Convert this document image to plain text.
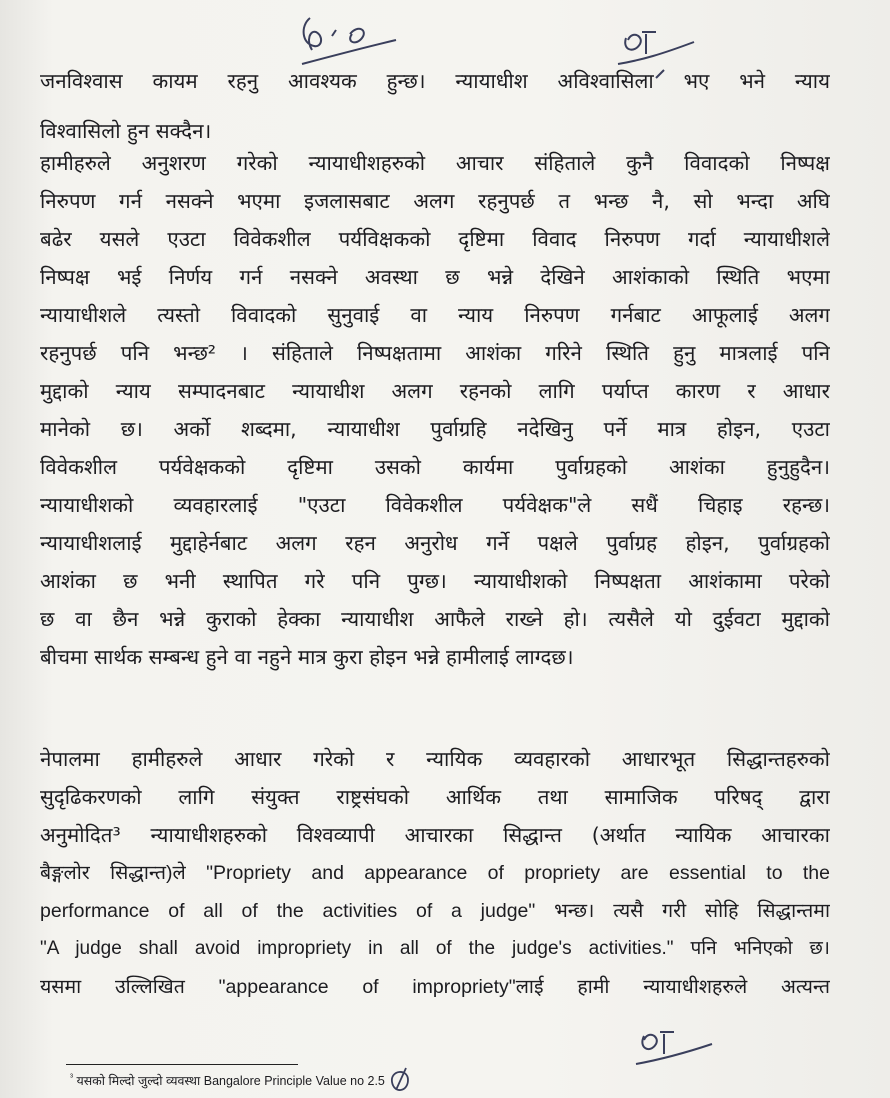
जनविश्वास कायम रहनु आवश्यक हुन्छ। न्यायाधीश अविश्वासिला भए भने न्याय
विश्वासिलो हुन सक्दैन।
हामीहरुले अनुशरण गरेको न्यायाधीशहरुको आचार संहिताले कुनै विवादको निष्पक्ष
निरुपण गर्न नसक्ने भएमा इजलासबाट अलग रहनुपर्छ त भन्छ नै, सो भन्दा अघि
बढेर यसले एउटा विवेकशील पर्यविक्षकको दृष्टिमा विवाद निरुपण गर्दा न्यायाधीशले
निष्पक्ष भई निर्णय गर्न नसक्ने अवस्था छ भन्ने देखिने आशंकाको स्थिति भएमा
न्यायाधीशले त्यस्तो विवादको सुनुवाई वा न्याय निरुपण गर्नबाट आफूलाई अलग
रहनुपर्छ पनि भन्छ² । संहिताले निष्पक्षतामा आशंका गरिने स्थिति हुनु मात्रलाई पनि
मुद्दाको न्याय सम्पादनबाट न्यायाधीश अलग रहनको लागि पर्याप्त कारण र आधार
मानेको छ। अर्को शब्दमा, न्यायाधीश पुर्वाग्रहि नदेखिनु पर्ने मात्र होइन, एउटा
विवेकशील पर्यवेक्षकको दृष्टिमा उसको कार्यमा पुर्वाग्रहको आशंका हुनुहुदैन।
न्यायाधीशको व्यवहारलाई "एउटा विवेकशील पर्यवेक्षक"ले सधैं चिहाइ रहन्छ।
न्यायाधीशलाई मुद्दाहेर्नबाट अलग रहन अनुरोध गर्ने पक्षले पुर्वाग्रह होइन, पुर्वाग्रहको
आशंका छ भनी स्थापित गरे पनि पुग्छ। न्यायाधीशको निष्पक्षता आशंकामा परेको
छ वा छैन भन्ने कुराको हेक्का न्यायाधीश आफैले राख्ने हो। त्यसैले यो दुईवटा मुद्दाको
बीचमा सार्थक सम्बन्ध हुने वा नहुने मात्र कुरा होइन भन्ने हामीलाई लाग्दछ।
नेपालमा हामीहरुले आधार गरेको र न्यायिक व्यवहारको आधारभूत सिद्धान्तहरुको
सुदृढिकरणको लागि संयुक्त राष्ट्रसंघको आर्थिक तथा सामाजिक परिषद् द्वारा
अनुमोदित³ न्यायाधीशहरुको विश्वव्यापी आचारका सिद्धान्त (अर्थात न्यायिक आचारका
बैङ्गलोर सिद्धान्त)ले "Propriety and appearance of propriety are essential to the
performance of all of the activities of a judge" भन्छ। त्यसै गरी सोहि सिद्धान्तमा
"A judge shall avoid impropriety in all of the judge's activities." पनि भनिएको छ।
यसमा उल्लिखित "appearance of impropriety"लाई हामी न्यायाधीशहरुले अत्यन्त
$^{^3}$ यसको मिल्दो जुल्दो व्यवस्था Bangalore Principle Value no 2.5
